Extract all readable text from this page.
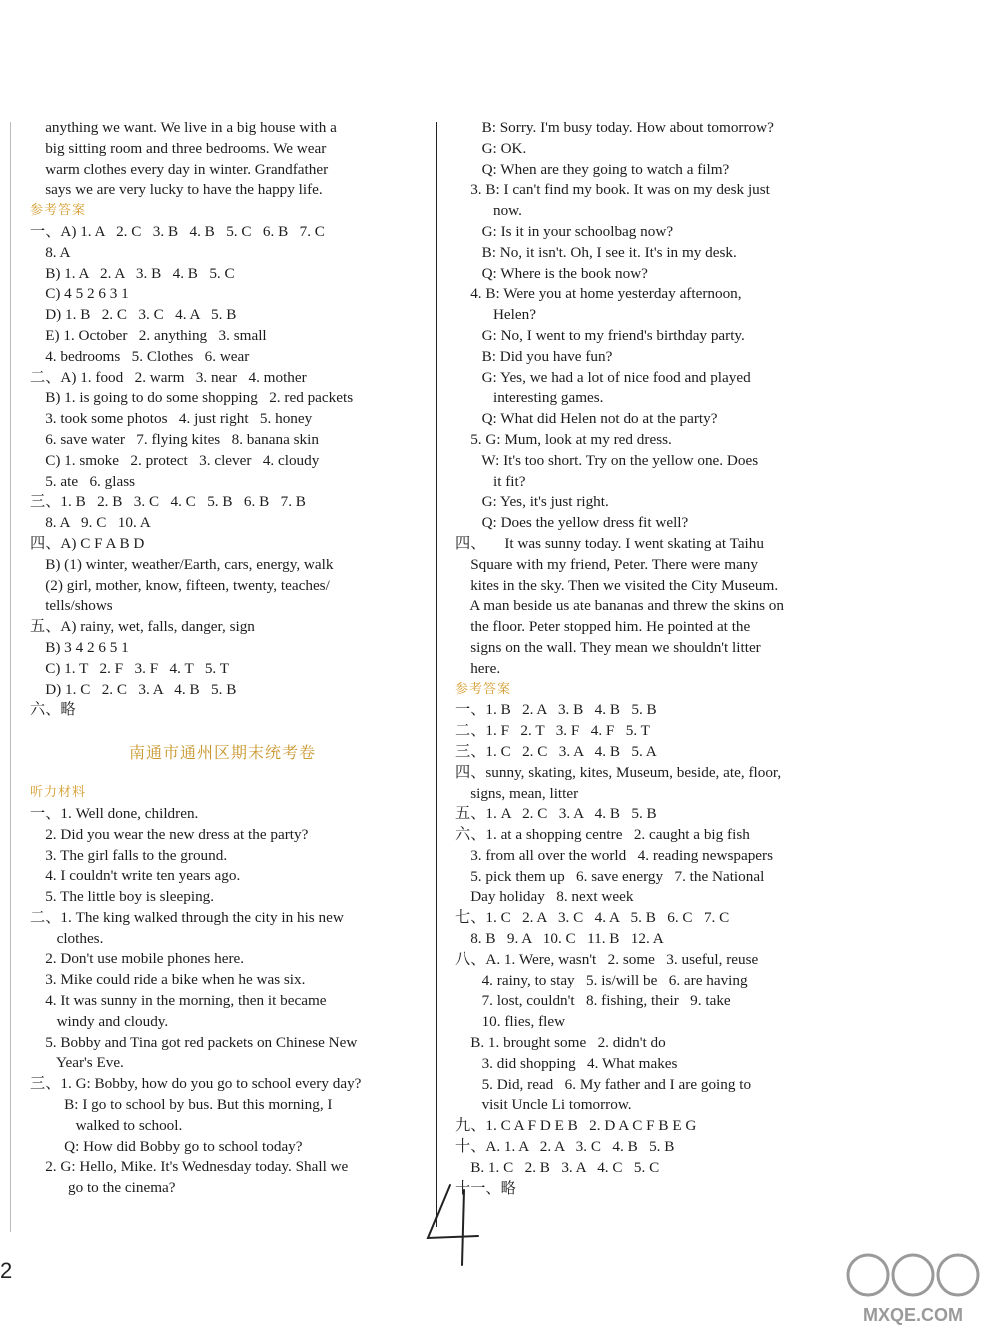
anything we want. We live in a big house with a
big sitting room and three bedrooms. We wear
warm clothes every day in winter. Grandfather
says we are very lucky to have the happy life.
参考答案
一、A) 1. A   2. C   3. B   4. B   5. C   6. B   7. C
8. A
B) 1. A   2. A   3. B   4. B   5. C
C) 4 5 2 6 3 1
D) 1. B   2. C   3. C   4. A   5. B
E) 1. October   2. anything   3. small
4. bedrooms   5. Clothes   6. wear
二、A) 1. food   2. warm   3. near   4. mother
B) 1. is going to do some shopping   2. red packets
3. took some photos   4. just right   5. honey
6. save water   7. flying kites   8. banana skin
C) 1. smoke   2. protect   3. clever   4. cloudy
5. ate   6. glass
三、1. B   2. B   3. C   4. C   5. B   6. B   7. B
8. A   9. C   10. A
四、A) C F A B D
B) (1) winter, weather/Earth, cars, energy, walk
(2) girl, mother, know, fifteen, twenty, teaches/
tells/shows
五、A) rainy, wet, falls, danger, sign
B) 3 4 2 6 5 1
C) 1. T   2. F   3. F   4. T   5. T
D) 1. C   2. C   3. A   4. B   5. B
六、略
南通市通州区期末统考卷
听力材料
一、1. Well done, children.
2. Did you wear the new dress at the party?
3. The girl falls to the ground.
4. I couldn't write ten years ago.
5. The little boy is sleeping.
二、1. The king walked through the city in his new
clothes.
2. Don't use mobile phones here.
3. Mike could ride a bike when he was six.
4. It was sunny in the morning, then it became
windy and cloudy.
5. Bobby and Tina got red packets on Chinese New
Year's Eve.
三、1. G: Bobby, how do you go to school every day?
B: I go to school by bus. But this morning, I
walked to school.
Q: How did Bobby go to school today?
2. G: Hello, Mike. It's Wednesday today. Shall we
go to the cinema?
B: Sorry. I'm busy today. How about tomorrow?
G: OK.
Q: When are they going to watch a film?
3. B: I can't find my book. It was on my desk just
now.
G: Is it in your schoolbag now?
B: No, it isn't. Oh, I see it. It's in my desk.
Q: Where is the book now?
4. B: Were you at home yesterday afternoon,
Helen?
G: No, I went to my friend's birthday party.
B: Did you have fun?
G: Yes, we had a lot of nice food and played
interesting games.
Q: What did Helen not do at the party?
5. G: Mum, look at my red dress.
W: It's too short. Try on the yellow one. Does
it fit?
G: Yes, it's just right.
Q: Does the yellow dress fit well?
四、     It was sunny today. I went skating at Taihu
Square with my friend, Peter. There were many
kites in the sky. Then we visited the City Museum.
A man beside us ate bananas and threw the skins on
the floor. Peter stopped him. He pointed at the
signs on the wall. They mean we shouldn't litter
here.
参考答案
一、1. B   2. A   3. B   4. B   5. B
二、1. F   2. T   3. F   4. F   5. T
三、1. C   2. C   3. A   4. B   5. A
四、sunny, skating, kites, Museum, beside, ate, floor,
signs, mean, litter
五、1. A   2. C   3. A   4. B   5. B
六、1. at a shopping centre   2. caught a big fish
3. from all over the world   4. reading newspapers
5. pick them up   6. save energy   7. the National
Day holiday   8. next week
七、1. C   2. A   3. C   4. A   5. B   6. C   7. C
8. B   9. A   10. C   11. B   12. A
八、A. 1. Were, wasn't   2. some   3. useful, reuse
4. rainy, to stay   5. is/will be   6. are having
7. lost, couldn't   8. fishing, their   9. take
10. flies, flew
B. 1. brought some   2. didn't do
3. did shopping   4. What makes
5. Did, read   6. My father and I are going to
visit Uncle Li tomorrow.
九、1. C A F D E B   2. D A C F B E G
十、A. 1. A   2. A   3. C   4. B   5. B
B. 1. C   2. B   3. A   4. C   5. C
十一、略
2
MXQE.COM
